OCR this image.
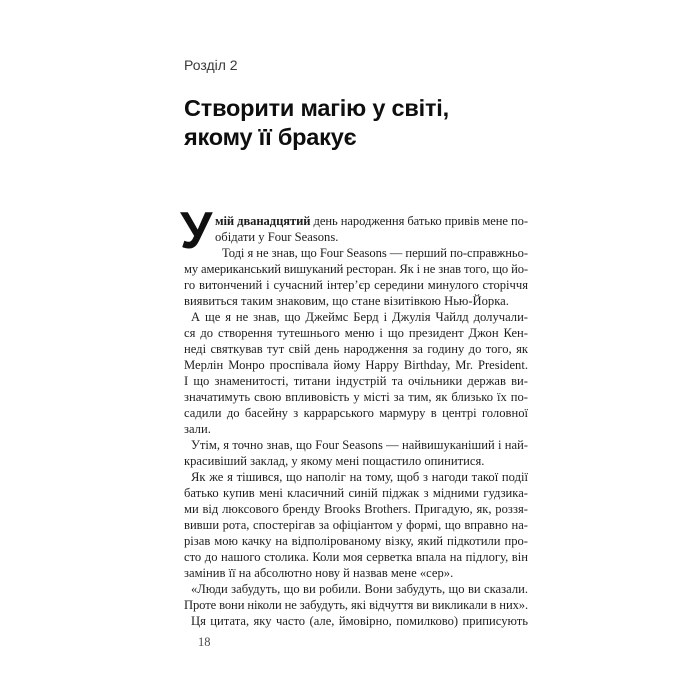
Розділ 2
Створити магію у світі,
якому її бракує
У мій дванадцятий день народження батько привів мене по-
обідати у Four Seasons.
Тоді я не знав, що Four Seasons — перший по-справжньо-
му американський вишуканий ресторан. Як і не знав того, що йо-
го витончений і сучасний інтер’єр середини минулого сторіччя
виявиться таким знаковим, що стане візитівкою Нью-Йорка.
А ще я не знав, що Джеймс Берд і Джулія Чайлд долучали-
ся до створення тутешнього меню і що президент Джон Кен-
неді святкував тут свій день народження за годину до того, як
Мерлін Монро проспівала йому Happy Birthday, Mr. President.
І що знаменитості, титани індустрій та очільники держав ви-
значатимуть свою впливовість у місті за тим, як близько їх по-
садили до басейну з каррарського мармуру в центрі головної
зали.
Утім, я точно знав, що Four Seasons — найвишуканіший і най-
красивіший заклад, у якому мені пощастило опинитися.
Як же я тішився, що наполіг на тому, щоб з нагоди такої події
батько купив мені класичний синій піджак з мідними гудзика-
ми від люксового бренду Brooks Brothers. Пригадую, як, роззя-
вивши рота, спостерігав за офіціантом у формі, що вправно на-
різав мою качку на відполірованому візку, який підкотили про-
сто до нашого столика. Коли моя серветка впала на підлогу, він
замінив її на абсолютно нову й назвав мене «сер».
«Люди забудуть, що ви робили. Вони забудуть, що ви сказали.
Проте вони ніколи не забудуть, які відчуття ви викликали в них».
Ця цитата, яку часто (але, ймовірно, помилково) приписують
18
